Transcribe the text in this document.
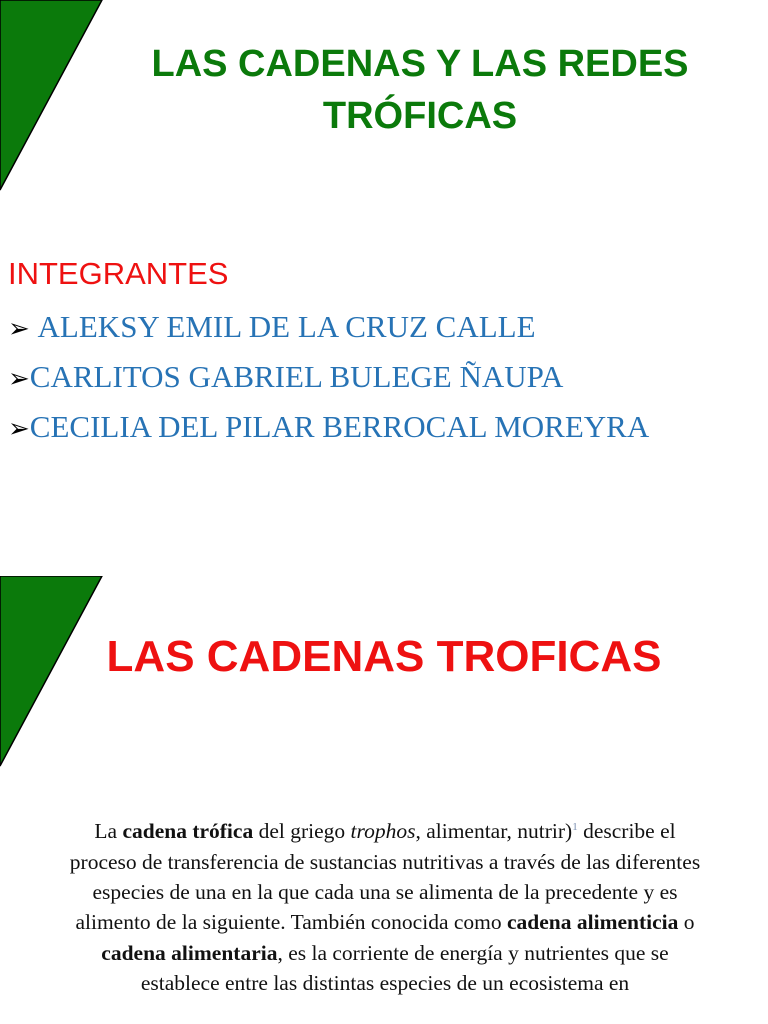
LAS CADENAS Y LAS REDES
TRÓFICAS

INTEGRANTES

➢ ALEKSY EMIL DE LA CRUZ CALLE

➢CARLITOS GABRIEL BULEGE ÑAUPA

➢CECILIA DEL PILAR BERROCAL MOREYRA

LAS CADENAS TROFICAS

La cadena trófica del griego trophos, alimentar, nutrir)$^1$ describe el proceso de transferencia de sustancias nutritivas a través de las diferentes especies de una en la que cada una se alimenta de la precedente y es alimento de la siguiente. También conocida como cadena alimenticia o cadena alimentaria, es la corriente de energía y nutrientes que se establece entre las distintas especies de un ecosistema en
